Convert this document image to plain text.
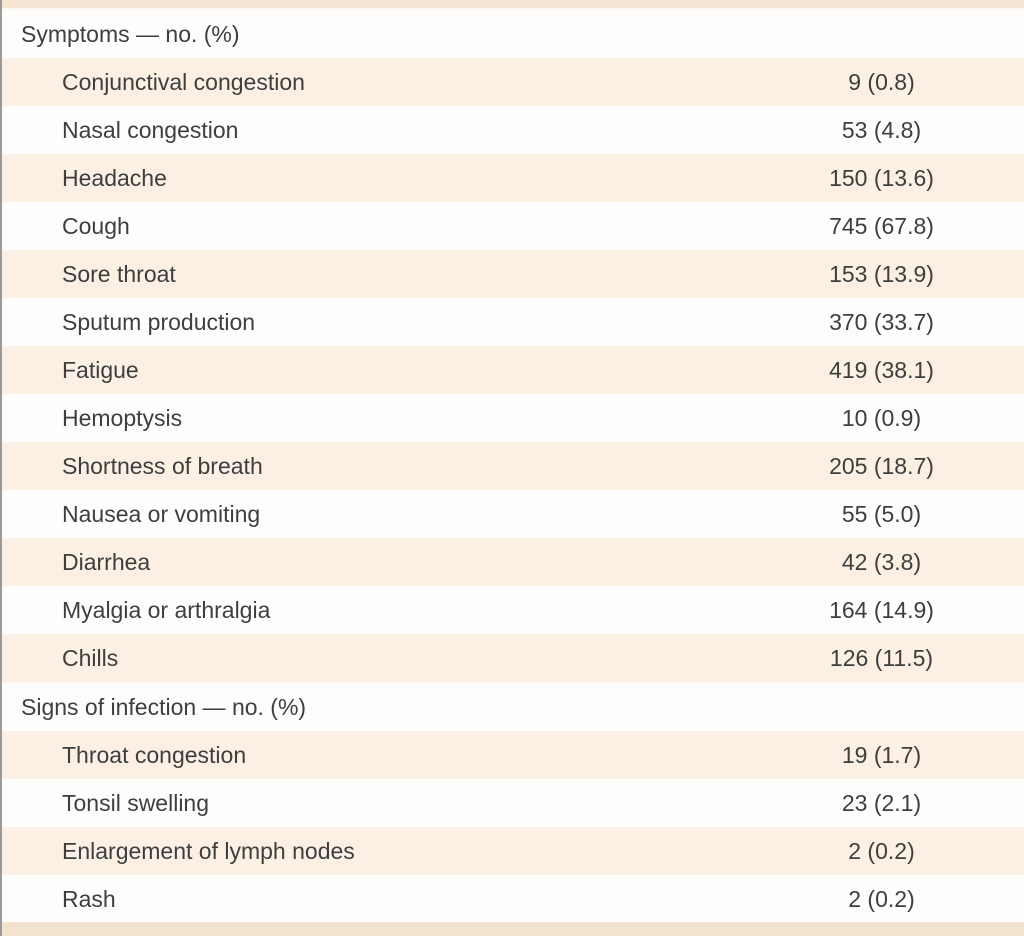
Symptoms — no. (%)
Conjunctival congestion	9 (0.8)
Nasal congestion	53 (4.8)
Headache	150 (13.6)
Cough	745 (67.8)
Sore throat	153 (13.9)
Sputum production	370 (33.7)
Fatigue	419 (38.1)
Hemoptysis	10 (0.9)
Shortness of breath	205 (18.7)
Nausea or vomiting	55 (5.0)
Diarrhea	42 (3.8)
Myalgia or arthralgia	164 (14.9)
Chills	126 (11.5)
Signs of infection — no. (%)
Throat congestion	19 (1.7)
Tonsil swelling	23 (2.1)
Enlargement of lymph nodes	2 (0.2)
Rash	2 (0.2)
